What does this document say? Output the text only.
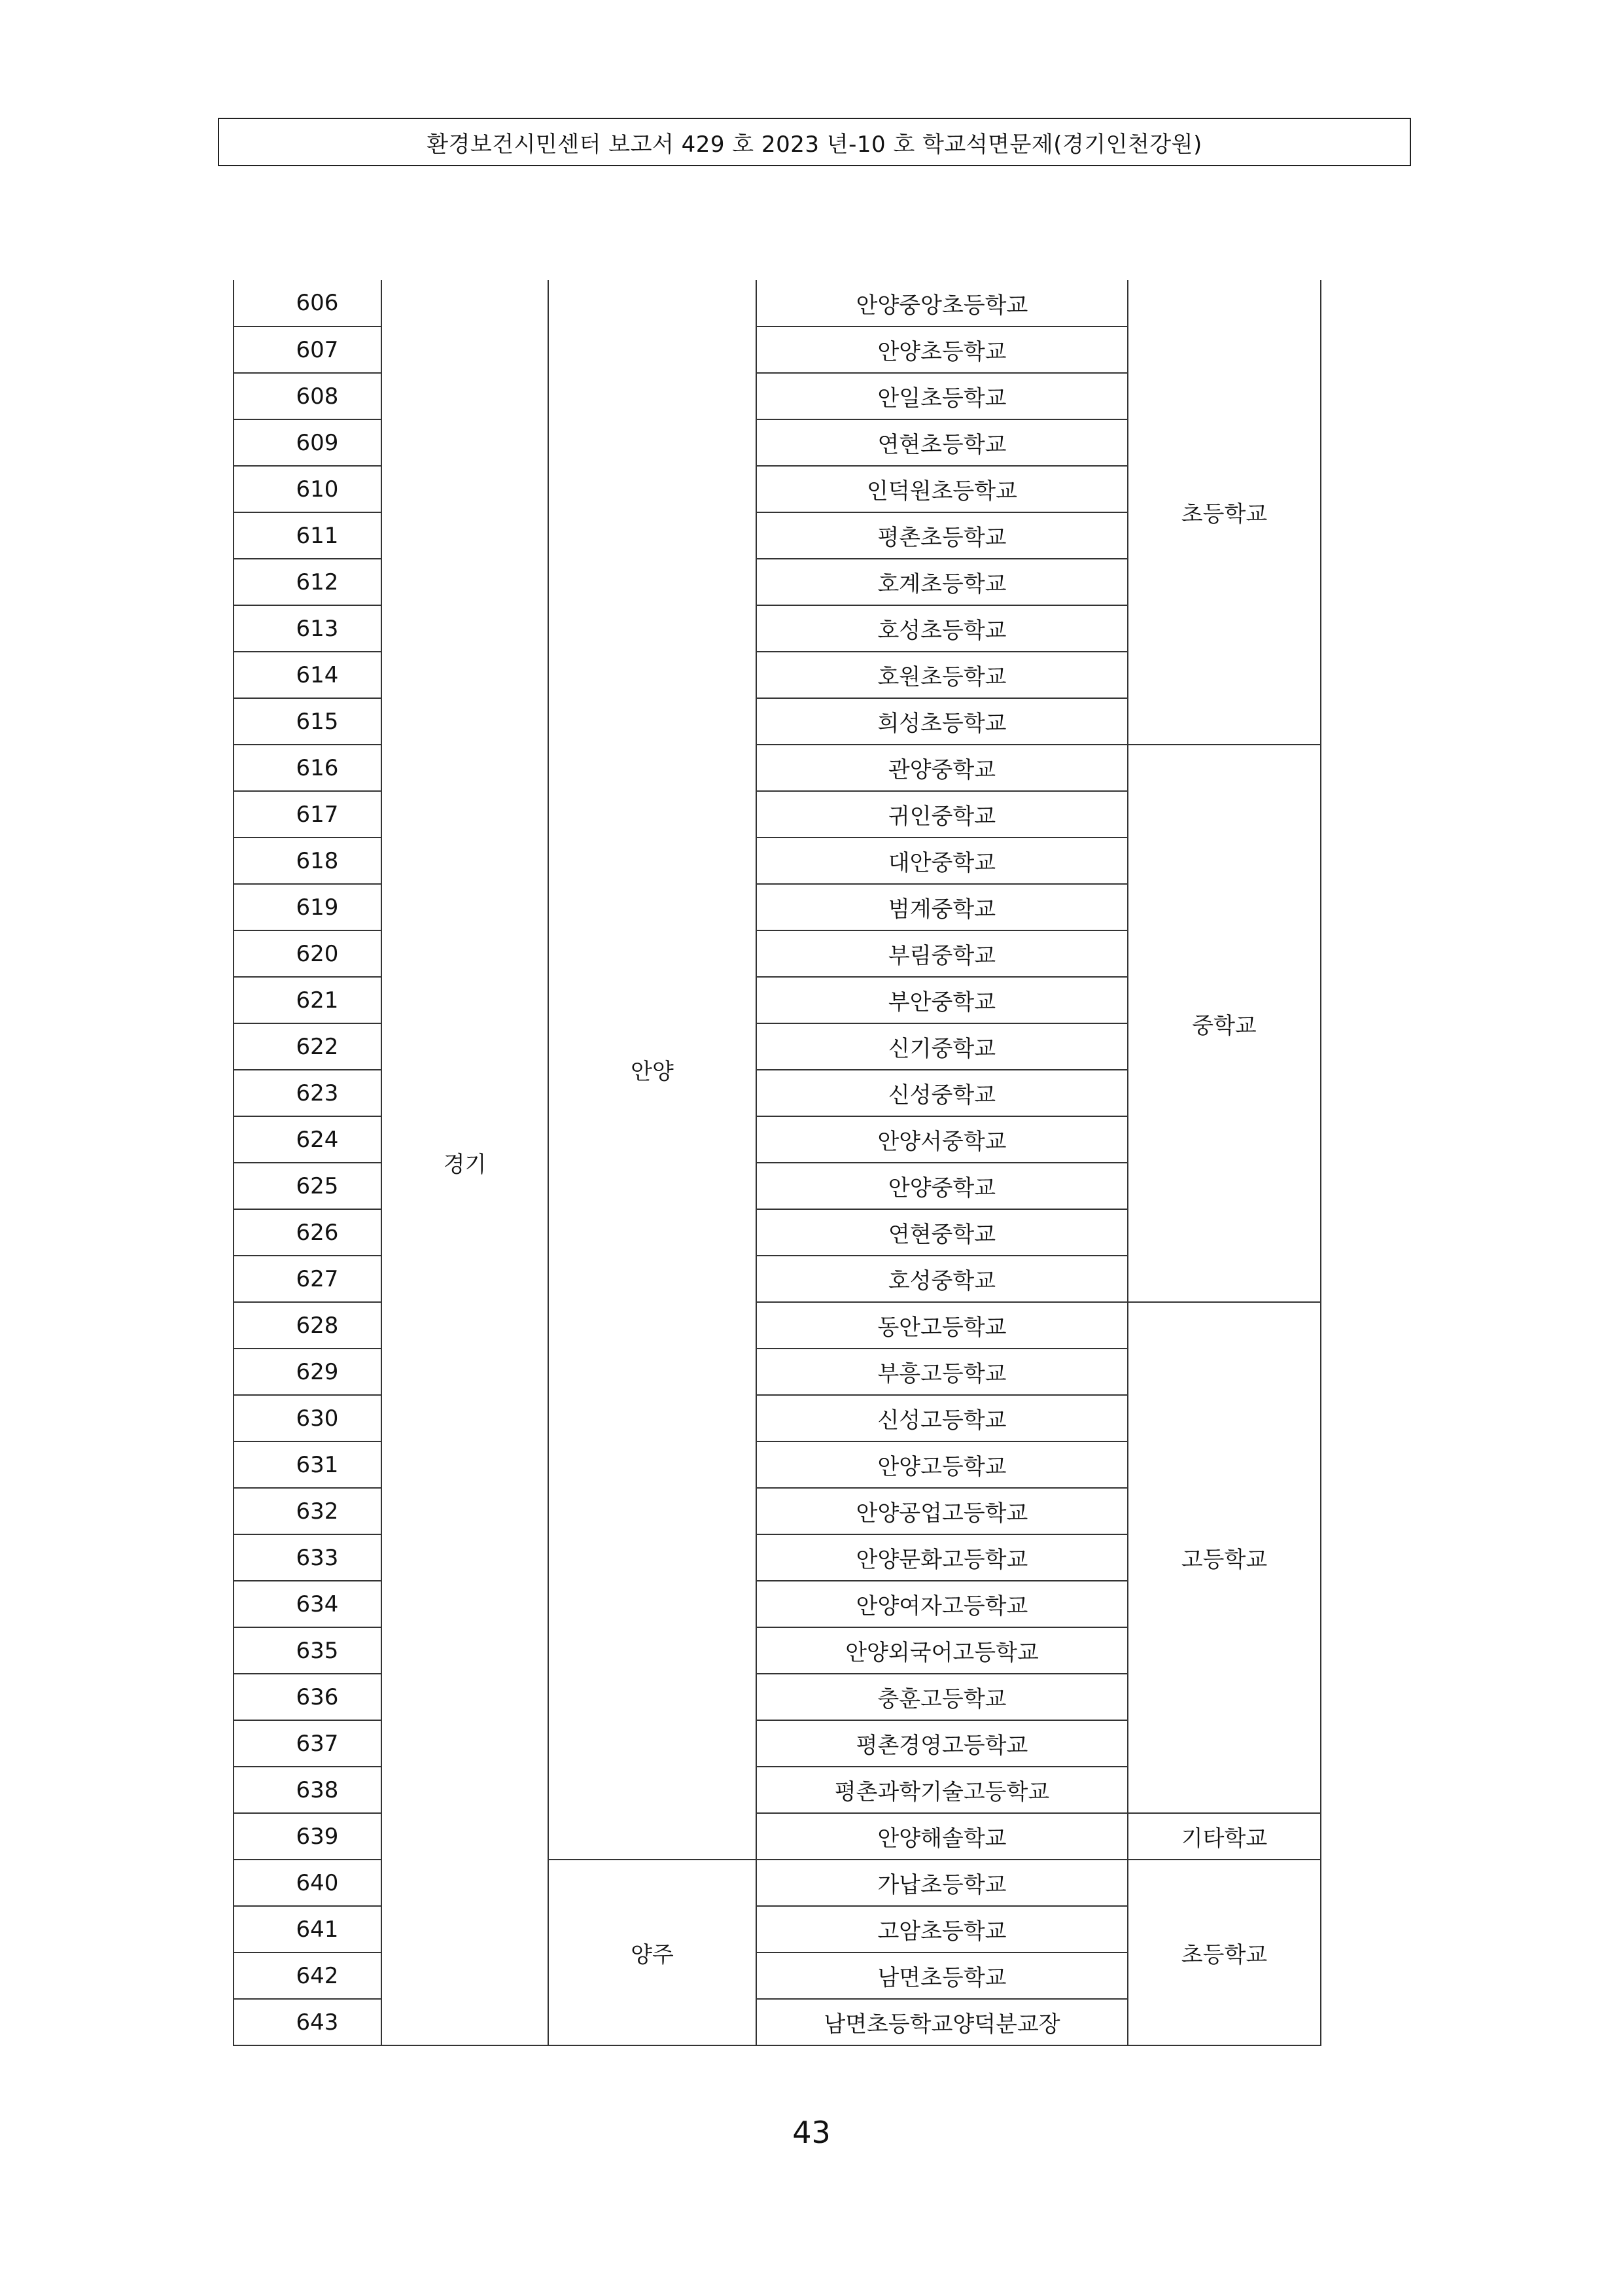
환경보건시민센터 보고서 429 호 2023 년-10 호 학교석면문제(경기인천강원)
606	경기	안양	안양중앙초등학교	초등학교
607			안양초등학교	
608			안일초등학교	
609			연현초등학교	
610			인덕원초등학교	
611			평촌초등학교	
612			호계초등학교	
613			호성초등학교	
614			호원초등학교	
615			희성초등학교	
616			관양중학교	중학교
617			귀인중학교	
618			대안중학교	
619			범계중학교	
620			부림중학교	
621			부안중학교	
622			신기중학교	
623			신성중학교	
624			안양서중학교	
625			안양중학교	
626			연현중학교	
627			호성중학교	
628			동안고등학교	고등학교
629			부흥고등학교	
630			신성고등학교	
631			안양고등학교	
632			안양공업고등학교	
633			안양문화고등학교	
634			안양여자고등학교	
635			안양외국어고등학교	
636			충훈고등학교	
637			평촌경영고등학교	
638			평촌과학기술고등학교	
639			안양해솔학교	기타학교
640		양주	가납초등학교	초등학교
641			고암초등학교	
642			남면초등학교	
643			남면초등학교양덕분교장	
43
